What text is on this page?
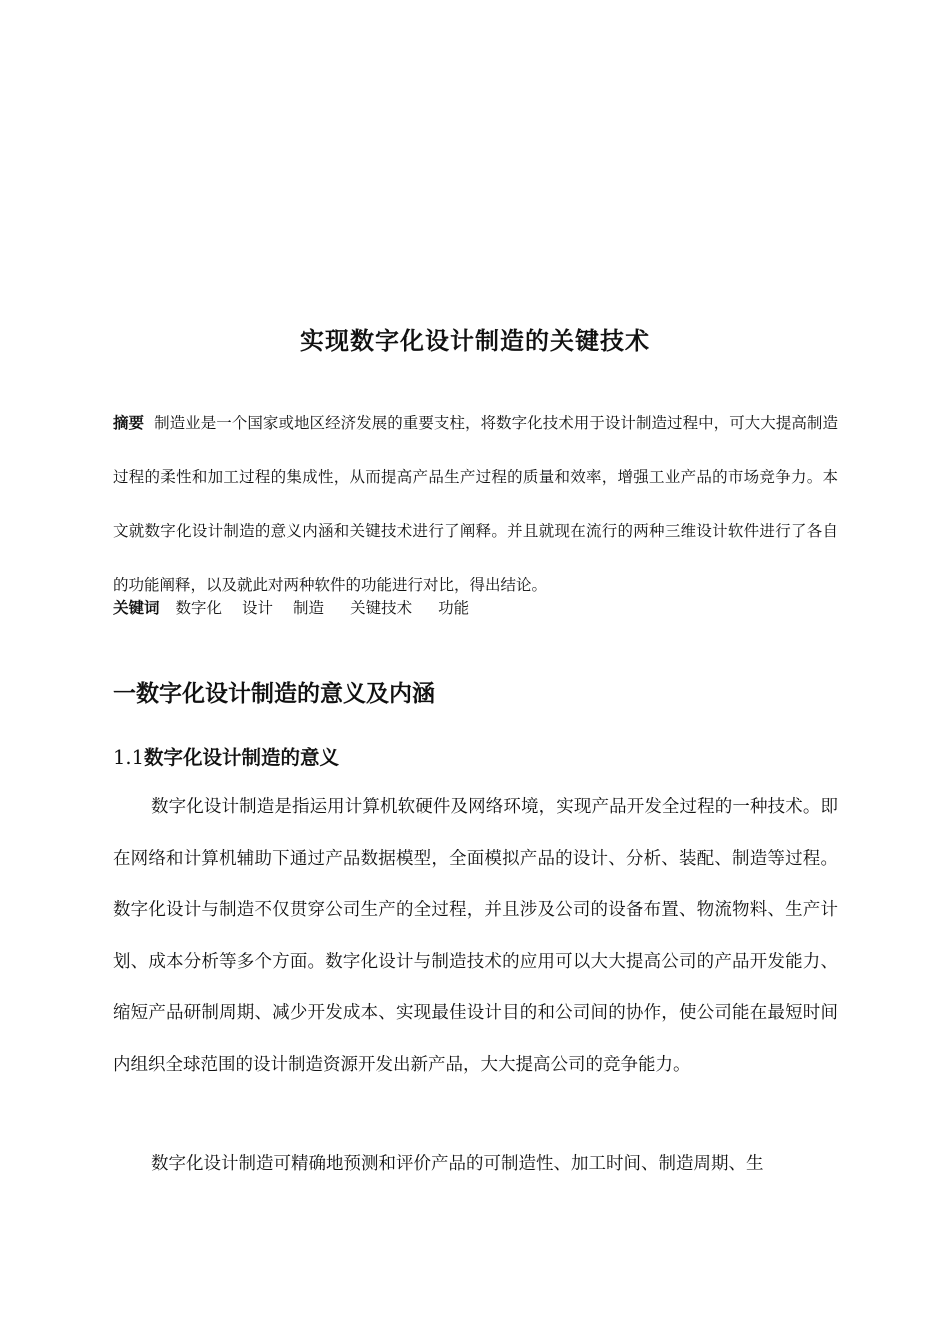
实现数字化设计制造的关键技术
摘要 制造业是一个国家或地区经济发展的重要支柱，将数字化技术用于设计制造过程中，可大大提高制造过程的柔性和加工过程的集成性，从而提高产品生产过程的质量和效率，增强工业产品的市场竞争力。本文就数字化设计制造的意义内涵和关键技术进行了阐释。并且就现在流行的两种三维设计软件进行了各自的功能阐释，以及就此对两种软件的功能进行对比，得出结论。
关键词 数字化 设计 制造 关键技术 功能
一数字化设计制造的意义及内涵
1.1数字化设计制造的意义

数字化设计制造是指运用计算机软硬件及网络环境，实现产品开发全过程的一种技术。即在网络和计算机辅助下通过产品数据模型，全面模拟产品的设计、分析、装配、制造等过程。数字化设计与制造不仅贯穿公司生产的全过程，并且涉及公司的设备布置、物流物料、生产计划、成本分析等多个方面。数字化设计与制造技术的应用可以大大提高公司的产品开发能力、缩短产品研制周期、减少开发成本、实现最佳设计目的和公司间的协作，使公司能在最短时间内组织全球范围的设计制造资源开发出新产品，大大提高公司的竞争能力。

数字化设计制造可精确地预测和评价产品的可制造性、加工时间、制造周期、生
